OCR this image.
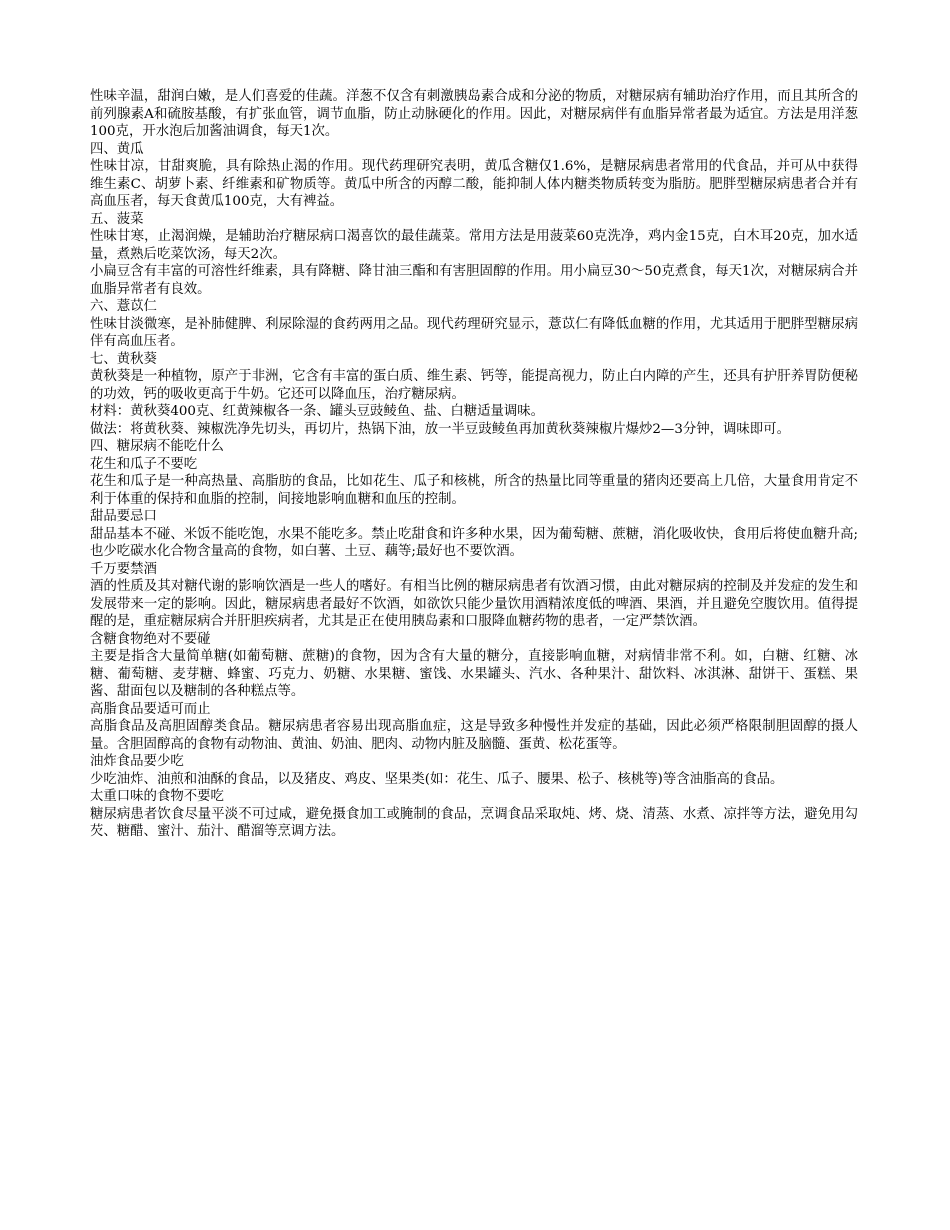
性味辛温，甜润白嫩，是人们喜爱的佳蔬。洋葱不仅含有刺激胰岛素合成和分泌的物质，对糖尿病有辅助治疗作用，而且其所含的前列腺素A和硫胺基酸，有扩张血管，调节血脂，防止动脉硬化的作用。因此，对糖尿病伴有血脂异常者最为适宜。方法是用洋葱100克，开水泡后加酱油调食，每天1次。

四、黄瓜

性味甘凉，甘甜爽脆，具有除热止渴的作用。现代药理研究表明，黄瓜含糖仅1.6%，是糖尿病患者常用的代食品，并可从中获得维生素C、胡萝卜素、纤维素和矿物质等。黄瓜中所含的丙醇二酸，能抑制人体内糖类物质转变为脂肪。肥胖型糖尿病患者合并有高血压者，每天食黄瓜100克，大有裨益。

五、菠菜

性味甘寒，止渴润燥，是辅助治疗糖尿病口渴喜饮的最佳蔬菜。常用方法是用菠菜60克洗净，鸡内金15克，白木耳20克，加水适量，煮熟后吃菜饮汤，每天2次。

小扁豆含有丰富的可溶性纤维素，具有降糖、降甘油三酯和有害胆固醇的作用。用小扁豆30～50克煮食，每天1次，对糖尿病合并血脂异常者有良效。

六、薏苡仁

性味甘淡微寒，是补肺健脾、利尿除湿的食药两用之品。现代药理研究显示，薏苡仁有降低血糖的作用，尤其适用于肥胖型糖尿病伴有高血压者。

七、黄秋葵

黄秋葵是一种植物，原产于非洲，它含有丰富的蛋白质、维生素、钙等，能提高视力，防止白内障的产生，还具有护肝养胃防便秘的功效，钙的吸收更高于牛奶。它还可以降血压，治疗糖尿病。

材料：黄秋葵400克、红黄辣椒各一条、罐头豆豉鲮鱼、盐、白糖适量调味。

做法：将黄秋葵、辣椒洗净先切头，再切片，热锅下油，放一半豆豉鲮鱼再加黄秋葵辣椒片爆炒2—3分钟，调味即可。

四、糖尿病不能吃什么

花生和瓜子不要吃

花生和瓜子是一种高热量、高脂肪的食品，比如花生、瓜子和核桃，所含的热量比同等重量的猪肉还要高上几倍，大量食用肯定不利于体重的保持和血脂的控制，间接地影响血糖和血压的控制。

甜品要忌口

甜品基本不碰、米饭不能吃饱，水果不能吃多。禁止吃甜食和许多种水果，因为葡萄糖、蔗糖，消化吸收快，食用后将使血糖升高;也少吃碳水化合物含量高的食物，如白薯、土豆、藕等;最好也不要饮酒。

千万要禁酒

酒的性质及其对糖代谢的影响饮酒是一些人的嗜好。有相当比例的糖尿病患者有饮酒习惯，由此对糖尿病的控制及并发症的发生和发展带来一定的影响。因此，糖尿病患者最好不饮酒，如欲饮只能少量饮用酒精浓度低的啤酒、果酒，并且避免空腹饮用。值得提醒的是，重症糖尿病合并肝胆疾病者，尤其是正在使用胰岛素和口服降血糖药物的患者，一定严禁饮酒。

含糖食物绝对不要碰

主要是指含大量简单糖(如葡萄糖、蔗糖)的食物，因为含有大量的糖分，直接影响血糖，对病情非常不利。如，白糖、红糖、冰糖、葡萄糖、麦芽糖、蜂蜜、巧克力、奶糖、水果糖、蜜饯、水果罐头、汽水、各种果汁、甜饮料、冰淇淋、甜饼干、蛋糕、果酱、甜面包以及糖制的各种糕点等。

高脂食品要适可而止

高脂食品及高胆固醇类食品。糖尿病患者容易出现高脂血症，这是导致多种慢性并发症的基础，因此必须严格限制胆固醇的摄人量。含胆固醇高的食物有动物油、黄油、奶油、肥肉、动物内脏及脑髓、蛋黄、松花蛋等。

油炸食品要少吃

少吃油炸、油煎和油酥的食品，以及猪皮、鸡皮、坚果类(如：花生、瓜子、腰果、松子、核桃等)等含油脂高的食品。

太重口味的食物不要吃

糖尿病患者饮食尽量平淡不可过咸，避免摄食加工或腌制的食品，烹调食品采取炖、烤、烧、清蒸、水煮、凉拌等方法，避免用勾芡、糖醋、蜜汁、茄汁、醋溜等烹调方法。
